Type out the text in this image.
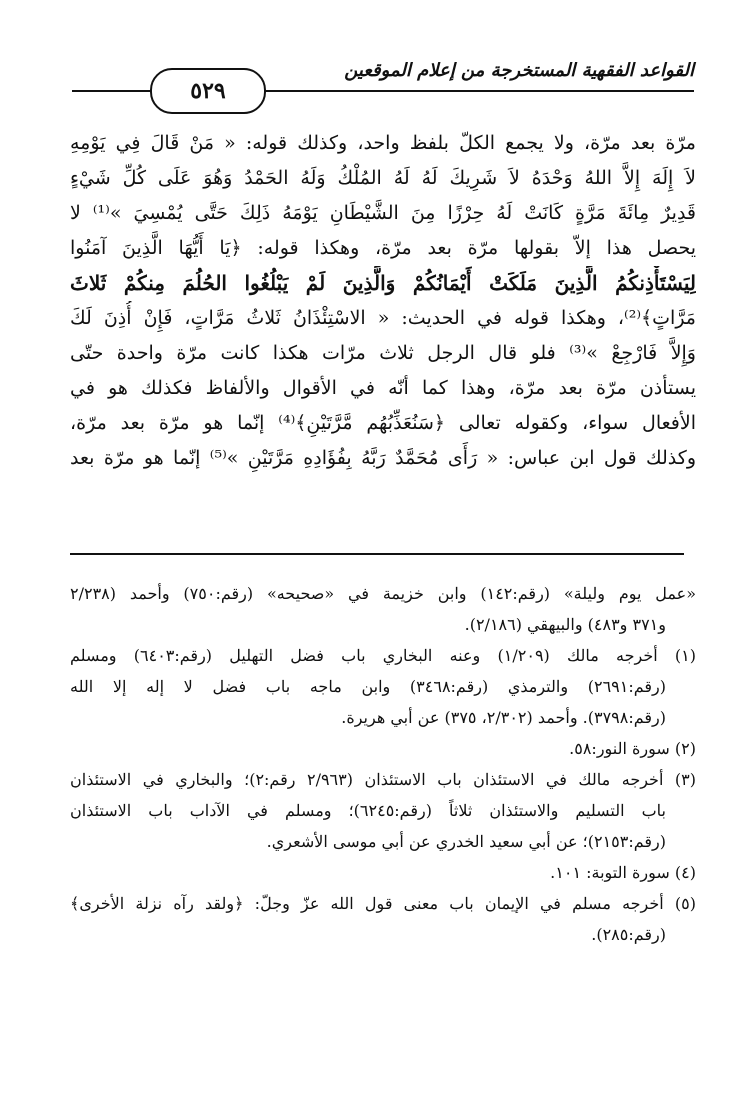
٥٢٩
القواعد الفقهية المستخرجة من إعلام الموقعين
مرّة بعد مرّة، ولا يجمع الكلّ بلفظ واحد، وكذلك قوله: « مَنْ قَالَ فِي يَوْمِهِ
لاَ إِلَهَ إِلاَّ اللهُ وَحْدَهُ لاَ شَرِيكَ لَهُ لَهُ المُلْكُ وَلَهُ الحَمْدُ وَهُوَ عَلَى كُلِّ شَيْءٍ
قَدِيرٌ مِائَةَ مَرَّةٍ كَانَتْ لَهُ حِرْزًا مِنَ الشَّيْطَانِ يَوْمَهُ ذَلِكَ حَتَّى يُمْسِيَ »⁽¹⁾ لا
يحصل هذا إلاّ بقولها مرّة بعد مرّة، وهكذا قوله: ﴿يَا أَيُّهَا الَّذِينَ آمَنُوا
لِيَسْتَأْذِنكُمُ الَّذِينَ مَلَكَتْ أَيْمَانُكُمْ وَالَّذِينَ لَمْ يَبْلُغُوا الحُلُمَ مِنكُمْ ثَلاثَ
مَرَّاتٍ﴾⁽²⁾، وهكذا قوله في الحديث: « الاسْتِئْذَانُ ثَلاثُ مَرَّاتٍ، فَإِنْ أُذِنَ لَكَ
وَإِلاَّ فَارْجِعْ »⁽³⁾ فلو قال الرجل ثلاث مرّات هكذا كانت مرّة واحدة حتّى
يستأذن مرّة بعد مرّة، وهذا كما أنّه في الأقوال والألفاظ فكذلك هو في
الأفعال سواء، وكقوله تعالى ﴿سَنُعَذِّبُهُم مَّرَّتَيْنِ﴾⁽⁴⁾ إنّما هو مرّة بعد مرّة،
وكذلك قول ابن عباس: « رَأَى مُحَمَّدٌ رَبَّهُ بِفُؤَادِهِ مَرَّتَيْنِ »⁽⁵⁾ إنّما هو مرّة بعد
«عمل يوم وليلة» (رقم:١٤٢) وابن خزيمة في «صحيحه» (رقم:٧٥٠) وأحمد (٢/٢٣٨
و٣٧١ و٤٨٣) والبيهقي (٢/١٨٦).
(١) أخرجه مالك (١/٢٠٩) وعنه البخاري باب فضل التهليل (رقم:٦٤٠٣) ومسلم
(رقم:٢٦٩١) والترمذي (رقم:٣٤٦٨) وابن ماجه باب فضل لا إله إلا الله
(رقم:٣٧٩٨). وأحمد (٢/٣٠٢، ٣٧٥) عن أبي هريرة.
(٢) سورة النور:٥٨.
(٣) أخرجه مالك في الاستئذان باب الاستئذان (٢/٩٦٣ رقم:٢)؛ والبخاري في الاستئذان
باب التسليم والاستئذان ثلاثاً (رقم:٦٢٤٥)؛ ومسلم في الآداب باب الاستئذان
(رقم:٢١٥٣)؛ عن أبي سعيد الخدري عن أبي موسى الأشعري.
(٤) سورة التوبة: ١٠١.
(٥) أخرجه مسلم في الإيمان باب معنى قول الله عزّ وجلّ: ﴿ولقد رآه نزلة الأخرى﴾
(رقم:٢٨٥).
